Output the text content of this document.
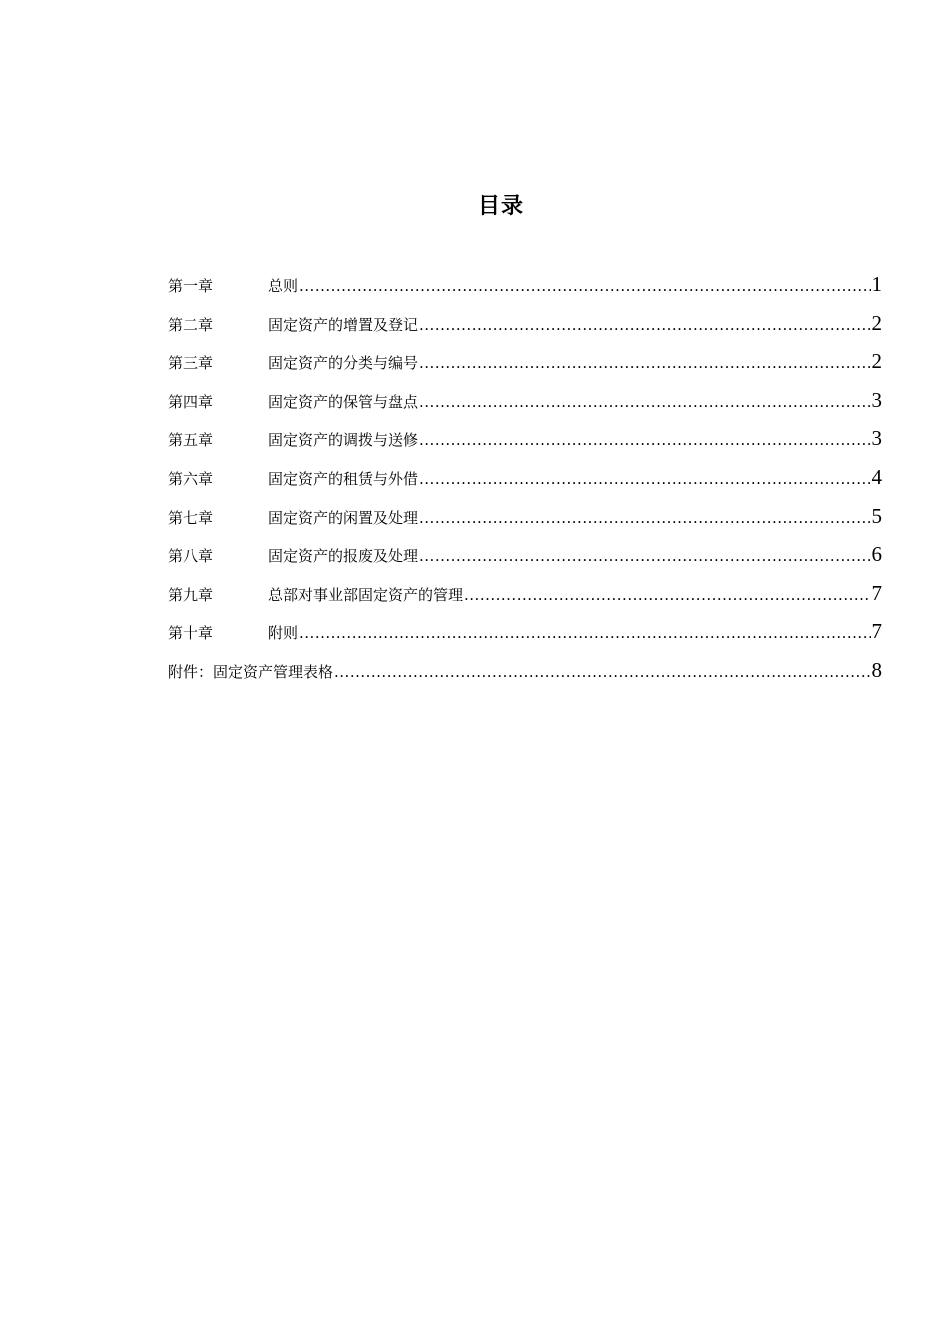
目录
第一章	总则 .....	1
第二章	固定资产的增置及登记 .....	2
第三章	固定资产的分类与编号 .....	2
第四章	固定资产的保管与盘点 .....	3
第五章	固定资产的调拨与送修 .....	3
第六章	固定资产的租赁与外借 .....	4
第七章	固定资产的闲置及处理 .....	5
第八章	固定资产的报废及处理 .....	6
第九章	总部对事业部固定资产的管理 .....	7
第十章	附则 .....	7
附件：固定资产管理表格 .....	8
